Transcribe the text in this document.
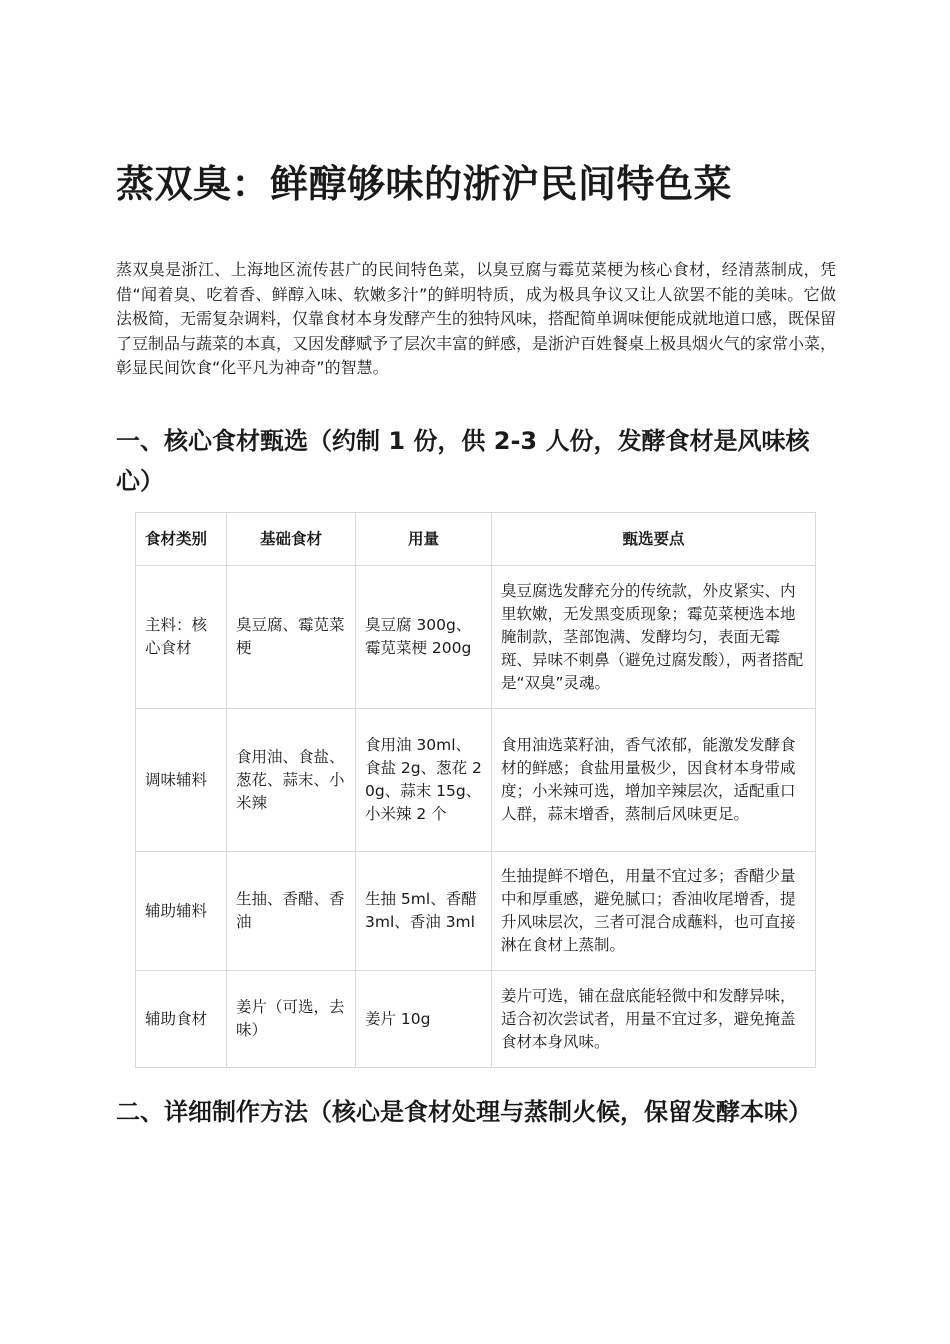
蒸双臭：鲜醇够味的浙沪民间特色菜

蒸双臭是浙江、上海地区流传甚广的民间特色菜，以臭豆腐与霉苋菜梗为核心食材，经清蒸制成，凭借“闻着臭、吃着香、鲜醇入味、软嫩多汁”的鲜明特质，成为极具争议又让人欲罢不能的美味。它做法极简，无需复杂调料，仅靠食材本身发酵产生的独特风味，搭配简单调味便能成就地道口感，既保留了豆制品与蔬菜的本真，又因发酵赋予了层次丰富的鲜感，是浙沪百姓餐桌上极具烟火气的家常小菜，彰显民间饮食“化平凡为神奇”的智慧。

一、核心食材甄选（约制 1 份，供 2-3 人份，发酵食材是风味核心）
食材类别	基础食材	用量	甄选要点
主料：核心食材	臭豆腐、霉苋菜梗	臭豆腐 300g、霉苋菜梗 200g	臭豆腐选发酵充分的传统款，外皮紧实、内里软嫩，无发黑变质现象；霉苋菜梗选本地腌制款，茎部饱满、发酵均匀，表面无霉斑、异味不刺鼻（避免过腐发酸），两者搭配是“双臭”灵魂。
调味辅料	食用油、食盐、葱花、蒜末、小米辣	食用油 30ml、食盐 2g、葱花 20g、蒜末 15g、小米辣 2 个	食用油选菜籽油，香气浓郁，能激发发酵食材的鲜感；食盐用量极少，因食材本身带咸度；小米辣可选，增加辛辣层次，适配重口人群，蒜末增香，蒸制后风味更足。
辅助辅料	生抽、香醋、香油	生抽 5ml、香醋 3ml、香油 3ml	生抽提鲜不增色，用量不宜过多；香醋少量中和厚重感，避免腻口；香油收尾增香，提升风味层次，三者可混合成蘸料，也可直接淋在食材上蒸制。
辅助食材	姜片（可选，去味）	姜片 10g	姜片可选，铺在盘底能轻微中和发酵异味，适合初次尝试者，用量不宜过多，避免掩盖食材本身风味。
二、详细制作方法（核心是食材处理与蒸制火候，保留发酵本味）
